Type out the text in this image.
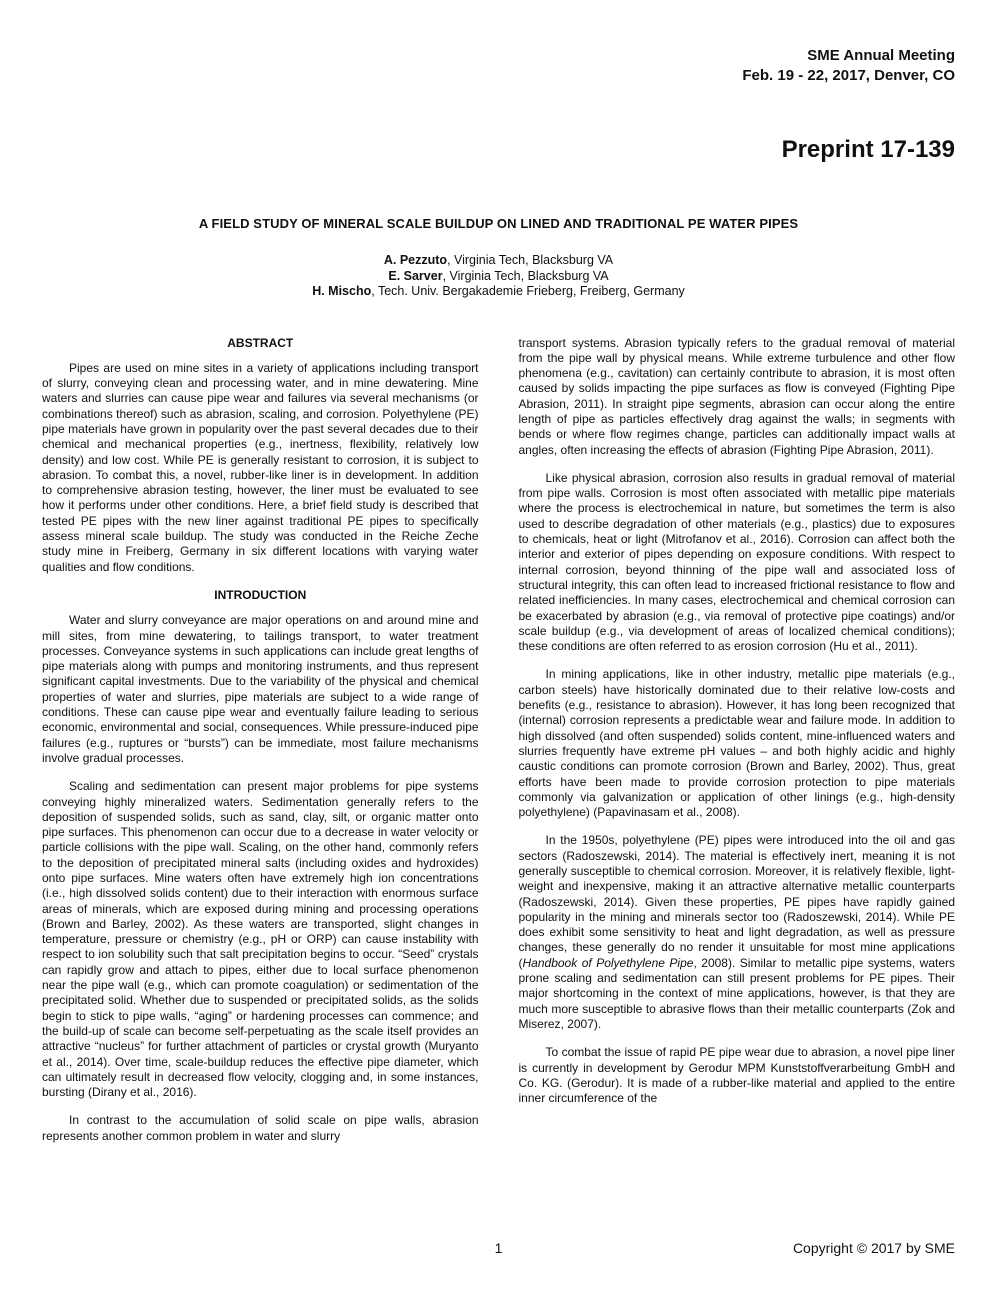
SME Annual Meeting
Feb. 19 - 22, 2017, Denver, CO
Preprint 17-139
A FIELD STUDY OF MINERAL SCALE BUILDUP ON LINED AND TRADITIONAL PE WATER PIPES
A. Pezzuto, Virginia Tech, Blacksburg VA
E. Sarver, Virginia Tech, Blacksburg VA
H. Mischo, Tech. Univ. Bergakademie Frieberg, Freiberg, Germany
ABSTRACT

Pipes are used on mine sites in a variety of applications including transport of slurry, conveying clean and processing water, and in mine dewatering. Mine waters and slurries can cause pipe wear and failures via several mechanisms (or combinations thereof) such as abrasion, scaling, and corrosion. Polyethylene (PE) pipe materials have grown in popularity over the past several decades due to their chemical and mechanical properties (e.g., inertness, flexibility, relatively low density) and low cost. While PE is generally resistant to corrosion, it is subject to abrasion. To combat this, a novel, rubber-like liner is in development. In addition to comprehensive abrasion testing, however, the liner must be evaluated to see how it performs under other conditions. Here, a brief field study is described that tested PE pipes with the new liner against traditional PE pipes to specifically assess mineral scale buildup. The study was conducted in the Reiche Zeche study mine in Freiberg, Germany in six different locations with varying water qualities and flow conditions.

INTRODUCTION

Water and slurry conveyance are major operations on and around mine and mill sites, from mine dewatering, to tailings transport, to water treatment processes. Conveyance systems in such applications can include great lengths of pipe materials along with pumps and monitoring instruments, and thus represent significant capital investments. Due to the variability of the physical and chemical properties of water and slurries, pipe materials are subject to a wide range of conditions. These can cause pipe wear and eventually failure leading to serious economic, environmental and social, consequences. While pressure-induced pipe failures (e.g., ruptures or “bursts”) can be immediate, most failure mechanisms involve gradual processes.

Scaling and sedimentation can present major problems for pipe systems conveying highly mineralized waters. Sedimentation generally refers to the deposition of suspended solids, such as sand, clay, silt, or organic matter onto pipe surfaces. This phenomenon can occur due to a decrease in water velocity or particle collisions with the pipe wall. Scaling, on the other hand, commonly refers to the deposition of precipitated mineral salts (including oxides and hydroxides) onto pipe surfaces. Mine waters often have extremely high ion concentrations (i.e., high dissolved solids content) due to their interaction with enormous surface areas of minerals, which are exposed during mining and processing operations (Brown and Barley, 2002). As these waters are transported, slight changes in temperature, pressure or chemistry (e.g., pH or ORP) can cause instability with respect to ion solubility such that salt precipitation begins to occur. “Seed” crystals can rapidly grow and attach to pipes, either due to local surface phenomenon near the pipe wall (e.g., which can promote coagulation) or sedimentation of the precipitated solid. Whether due to suspended or precipitated solids, as the solids begin to stick to pipe walls, “aging” or hardening processes can commence; and the build-up of scale can become self-perpetuating as the scale itself provides an attractive “nucleus” for further attachment of particles or crystal growth (Muryanto et al., 2014). Over time, scale-buildup reduces the effective pipe diameter, which can ultimately result in decreased flow velocity, clogging and, in some instances, bursting (Dirany et al., 2016).

In contrast to the accumulation of solid scale on pipe walls, abrasion represents another common problem in water and slurry

transport systems. Abrasion typically refers to the gradual removal of material from the pipe wall by physical means. While extreme turbulence and other flow phenomena (e.g., cavitation) can certainly contribute to abrasion, it is most often caused by solids impacting the pipe surfaces as flow is conveyed (Fighting Pipe Abrasion, 2011). In straight pipe segments, abrasion can occur along the entire length of pipe as particles effectively drag against the walls; in segments with bends or where flow regimes change, particles can additionally impact walls at angles, often increasing the effects of abrasion (Fighting Pipe Abrasion, 2011).

Like physical abrasion, corrosion also results in gradual removal of material from pipe walls. Corrosion is most often associated with metallic pipe materials where the process is electrochemical in nature, but sometimes the term is also used to describe degradation of other materials (e.g., plastics) due to exposures to chemicals, heat or light (Mitrofanov et al., 2016). Corrosion can affect both the interior and exterior of pipes depending on exposure conditions. With respect to internal corrosion, beyond thinning of the pipe wall and associated loss of structural integrity, this can often lead to increased frictional resistance to flow and related inefficiencies. In many cases, electrochemical and chemical corrosion can be exacerbated by abrasion (e.g., via removal of protective pipe coatings) and/or scale buildup (e.g., via development of areas of localized chemical conditions); these conditions are often referred to as erosion corrosion (Hu et al., 2011).

In mining applications, like in other industry, metallic pipe materials (e.g., carbon steels) have historically dominated due to their relative low-costs and benefits (e.g., resistance to abrasion). However, it has long been recognized that (internal) corrosion represents a predictable wear and failure mode. In addition to high dissolved (and often suspended) solids content, mine-influenced waters and slurries frequently have extreme pH values – and both highly acidic and highly caustic conditions can promote corrosion (Brown and Barley, 2002). Thus, great efforts have been made to provide corrosion protection to pipe materials commonly via galvanization or application of other linings (e.g., high-density polyethylene) (Papavinasam et al., 2008).

In the 1950s, polyethylene (PE) pipes were introduced into the oil and gas sectors (Radoszewski, 2014). The material is effectively inert, meaning it is not generally susceptible to chemical corrosion. Moreover, it is relatively flexible, light-weight and inexpensive, making it an attractive alternative metallic counterparts (Radoszewski, 2014). Given these properties, PE pipes have rapidly gained popularity in the mining and minerals sector too (Radoszewski, 2014). While PE does exhibit some sensitivity to heat and light degradation, as well as pressure changes, these generally do no render it unsuitable for most mine applications (Handbook of Polyethylene Pipe, 2008). Similar to metallic pipe systems, waters prone scaling and sedimentation can still present problems for PE pipes. Their major shortcoming in the context of mine applications, however, is that they are much more susceptible to abrasive flows than their metallic counterparts (Zok and Miserez, 2007).

To combat the issue of rapid PE pipe wear due to abrasion, a novel pipe liner is currently in development by Gerodur MPM Kunststoffverarbeitung GmbH and Co. KG. (Gerodur). It is made of a rubber-like material and applied to the entire inner circumference of the

1	Copyright © 2017 by SME
